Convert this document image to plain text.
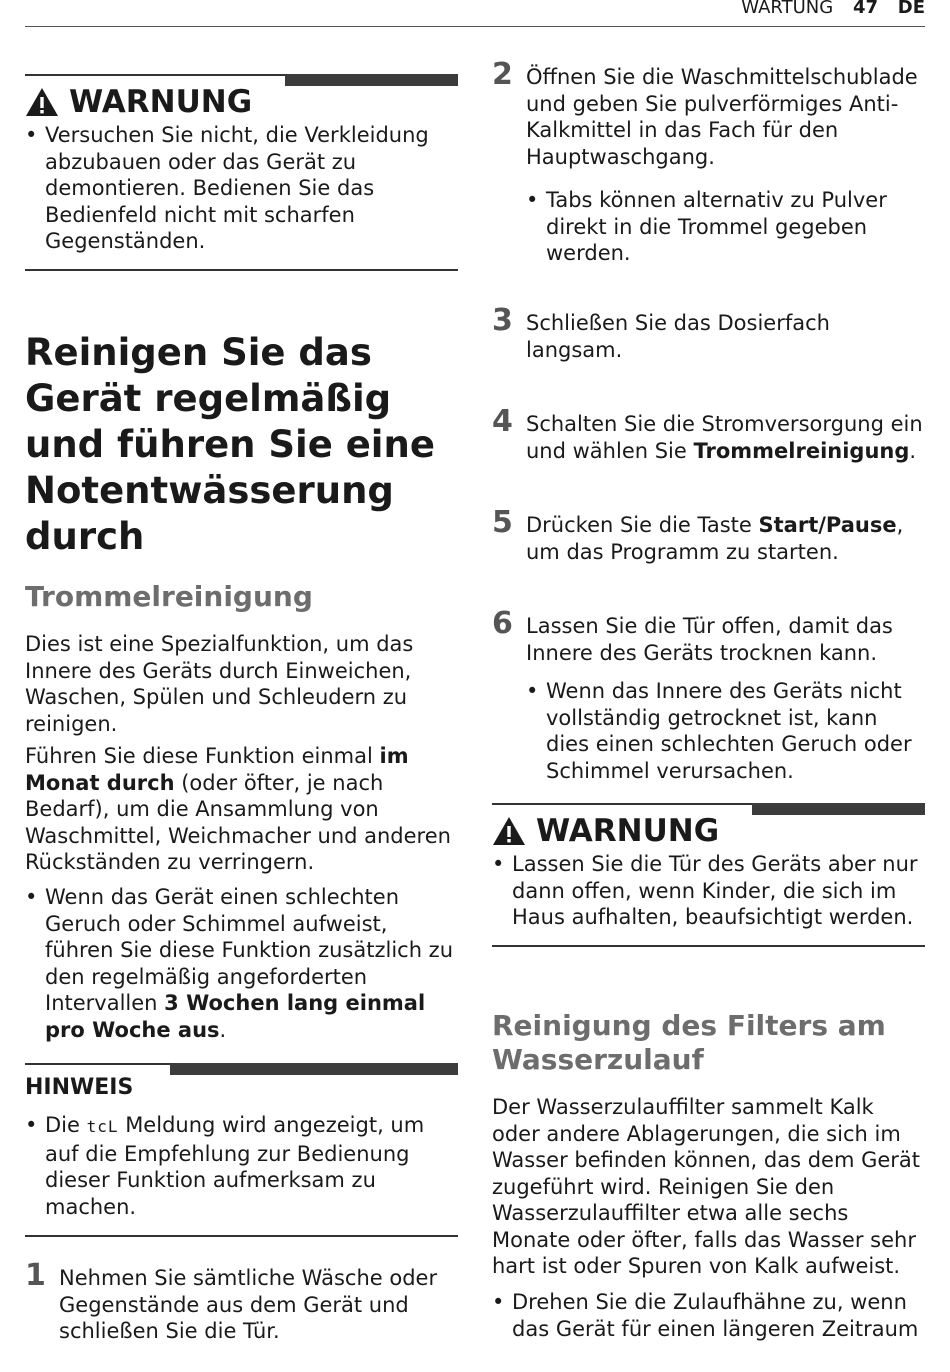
WARTUNG 47 DE
WARNUNG
• Versuchen Sie nicht, die Verkleidung abzubauen oder das Gerät zu demontieren. Bedienen Sie das Bedienfeld nicht mit scharfen Gegenständen.
Reinigen Sie das Gerät regelmäßig und führen Sie eine Notentwässerung durch
Trommelreinigung

Dies ist eine Spezialfunktion, um das Innere des Geräts durch Einweichen, Waschen, Spülen und Schleudern zu reinigen.

Führen Sie diese Funktion einmal im Monat durch (oder öfter, je nach Bedarf), um die Ansammlung von Waschmittel, Weichmacher und anderen Rückständen zu verringern.

• Wenn das Gerät einen schlechten Geruch oder Schimmel aufweist, führen Sie diese Funktion zusätzlich zu den regelmäßig angeforderten Intervallen 3 Wochen lang einmal pro Woche aus.
HINWEIS
• Die tcL Meldung wird angezeigt, um auf die Empfehlung zur Bedienung dieser Funktion aufmerksam zu machen.
1 Nehmen Sie sämtliche Wäsche oder Gegenstände aus dem Gerät und schließen Sie die Tür.
2 Öffnen Sie die Waschmittelschublade und geben Sie pulverförmiges Anti-Kalkmittel in das Fach für den Hauptwaschgang.
• Tabs können alternativ zu Pulver direkt in die Trommel gegeben werden.
3 Schließen Sie das Dosierfach langsam.
4 Schalten Sie die Stromversorgung ein und wählen Sie Trommelreinigung.
5 Drücken Sie die Taste Start/Pause, um das Programm zu starten.
6 Lassen Sie die Tür offen, damit das Innere des Geräts trocknen kann.
• Wenn das Innere des Geräts nicht vollständig getrocknet ist, kann dies einen schlechten Geruch oder Schimmel verursachen.
WARNUNG
• Lassen Sie die Tür des Geräts aber nur dann offen, wenn Kinder, die sich im Haus aufhalten, beaufsichtigt werden.
Reinigung des Filters am Wasserzulauf

Der Wasserzulauffilter sammelt Kalk oder andere Ablagerungen, die sich im Wasser befinden können, das dem Gerät zugeführt wird. Reinigen Sie den Wasserzulauffilter etwa alle sechs Monate oder öfter, falls das Wasser sehr hart ist oder Spuren von Kalk aufweist.

• Drehen Sie die Zulaufhähne zu, wenn das Gerät für einen längeren Zeitraum
